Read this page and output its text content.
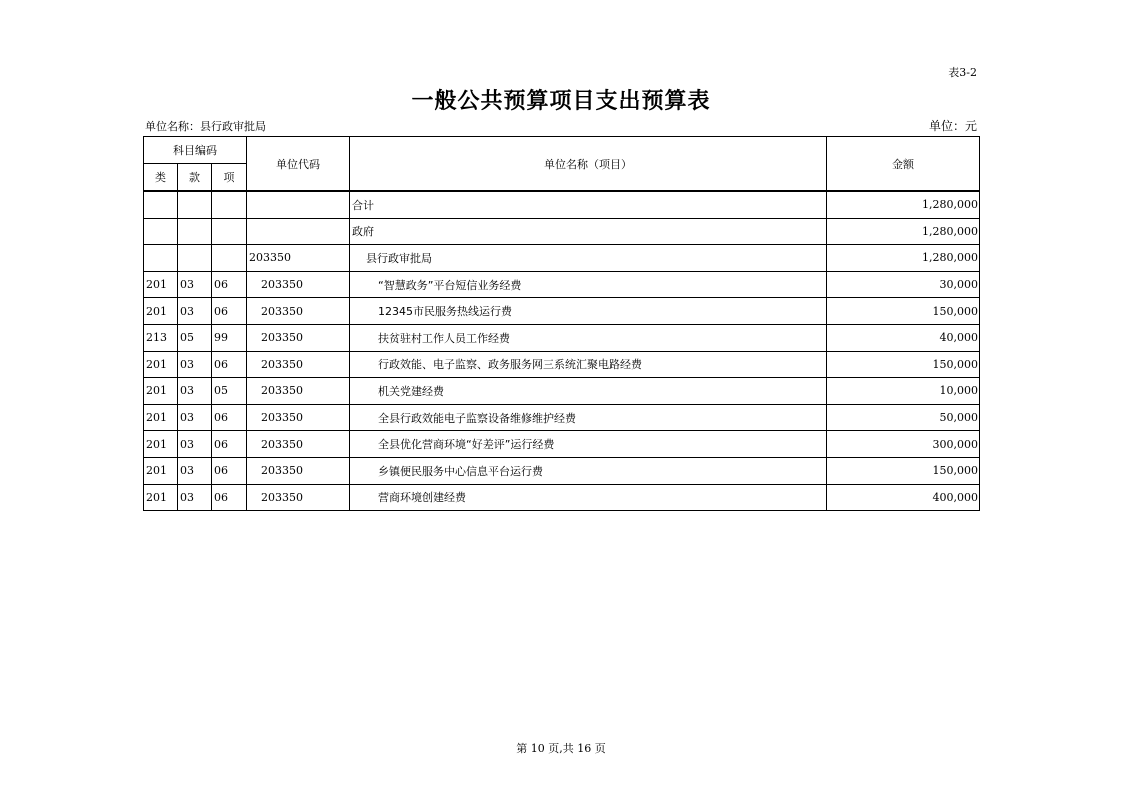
表3-2
一般公共预算项目支出预算表
单位名称：县行政审批局	单位：元
科目编码			单位代码	单位名称（项目）	金额
类	款	项			
				合计	1,280,000
				政府	1,280,000
			203350	县行政审批局	1,280,000
201	03	06	203350	“智慧政务”平台短信业务经费	30,000
201	03	06	203350	12345市民服务热线运行费	150,000
213	05	99	203350	扶贫驻村工作人员工作经费	40,000
201	03	06	203350	行政效能、电子监察、政务服务网三系统汇聚电路经费	150,000
201	03	05	203350	机关党建经费	10,000
201	03	06	203350	全县行政效能电子监察设备维修维护经费	50,000
201	03	06	203350	全县优化营商环境“好差评”运行经费	300,000
201	03	06	203350	乡镇便民服务中心信息平台运行费	150,000
201	03	06	203350	营商环境创建经费	400,000
第 10 页,共 16 页
